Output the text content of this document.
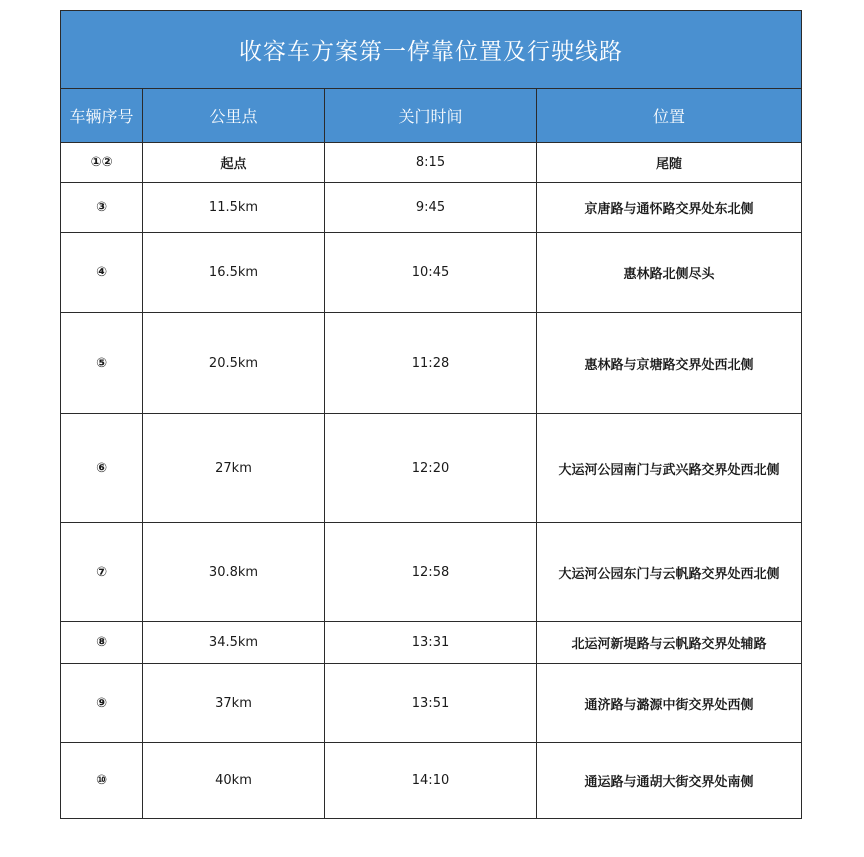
收容车方案第一停靠位置及行驶线路			
车辆序号	公里点	关门时间	位置
①②	起点	8:15	尾随
③	11.5km	9:45	京唐路与通怀路交界处东北侧
④	16.5km	10:45	惠林路北侧尽头
⑤	20.5km	11:28	惠林路与京塘路交界处西北侧
⑥	27km	12:20	大运河公园南门与武兴路交界处西北侧
⑦	30.8km	12:58	大运河公园东门与云帆路交界处西北侧
⑧	34.5km	13:31	北运河新堤路与云帆路交界处辅路
⑨	37km	13:51	通济路与潞源中街交界处西侧
⑩	40km	14:10	通运路与通胡大街交界处南侧
